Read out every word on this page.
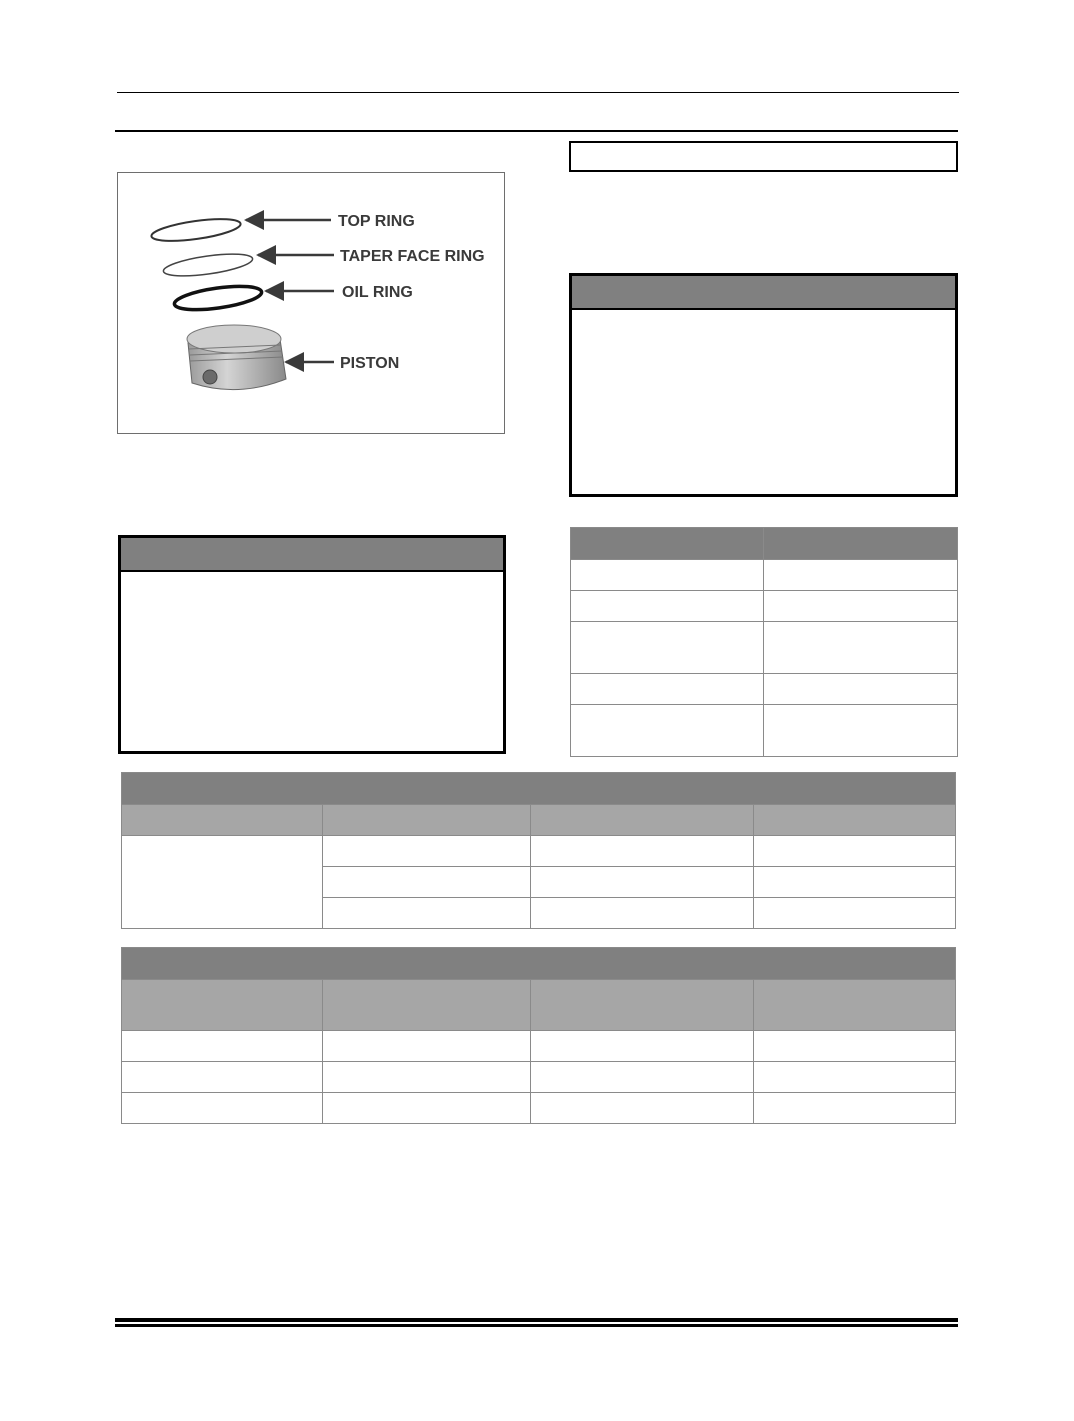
TOP RING
TAPER FACE RING
OIL RING
PISTON
